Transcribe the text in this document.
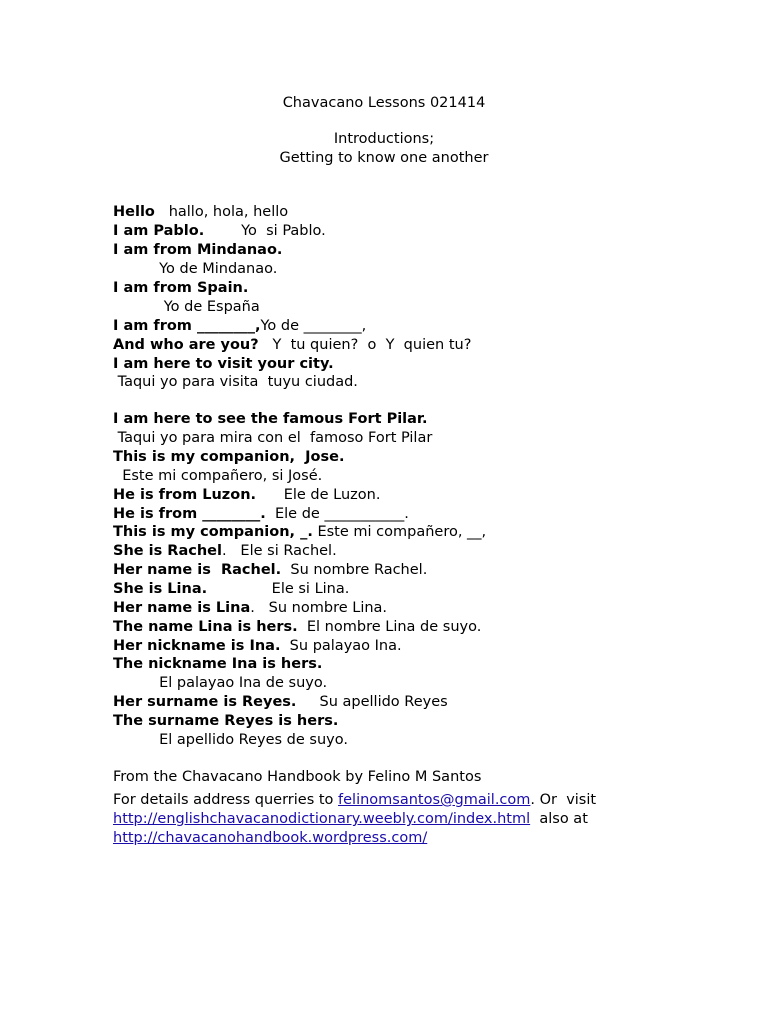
Chavacano Lessons 021414
Introductions;
Getting to know one another
Hello   hallo, hola, hello
I am Pablo.        Yo  si Pablo.
I am from Mindanao.
Yo de Mindanao.
I am from Spain.
Yo de España
I am from ________,Yo de ________,
And who are you?   Y  tu quien?  o  Y  quien tu?
I am here to visit your city.
Taqui yo para visita  tuyu ciudad.
I am here to see the famous Fort Pilar.
Taqui yo para mira con el  famoso Fort Pilar
This is my companion,  Jose.
Este mi compañero, si José.
He is from Luzon.      Ele de Luzon.
He is from ________.  Ele de ___________.
This is my companion, _. Este mi compañero, __,
She is Rachel.   Ele si Rachel.
Her name is  Rachel.  Su nombre Rachel.
She is Lina.              Ele si Lina.
Her name is Lina.   Su nombre Lina.
The name Lina is hers.  El nombre Lina de suyo.
Her nickname is Ina.  Su palayao Ina.
The nickname Ina is hers.
El palayao Ina de suyo.
Her surname is Reyes.     Su apellido Reyes
The surname Reyes is hers.
El apellido Reyes de suyo.
From the Chavacano Handbook by Felino M Santos
For details address querries to felinomsantos@gmail.com. Or  visit
http://englishchavacanodictionary.weebly.com/index.html  also at
http://chavacanohandbook.wordpress.com/
